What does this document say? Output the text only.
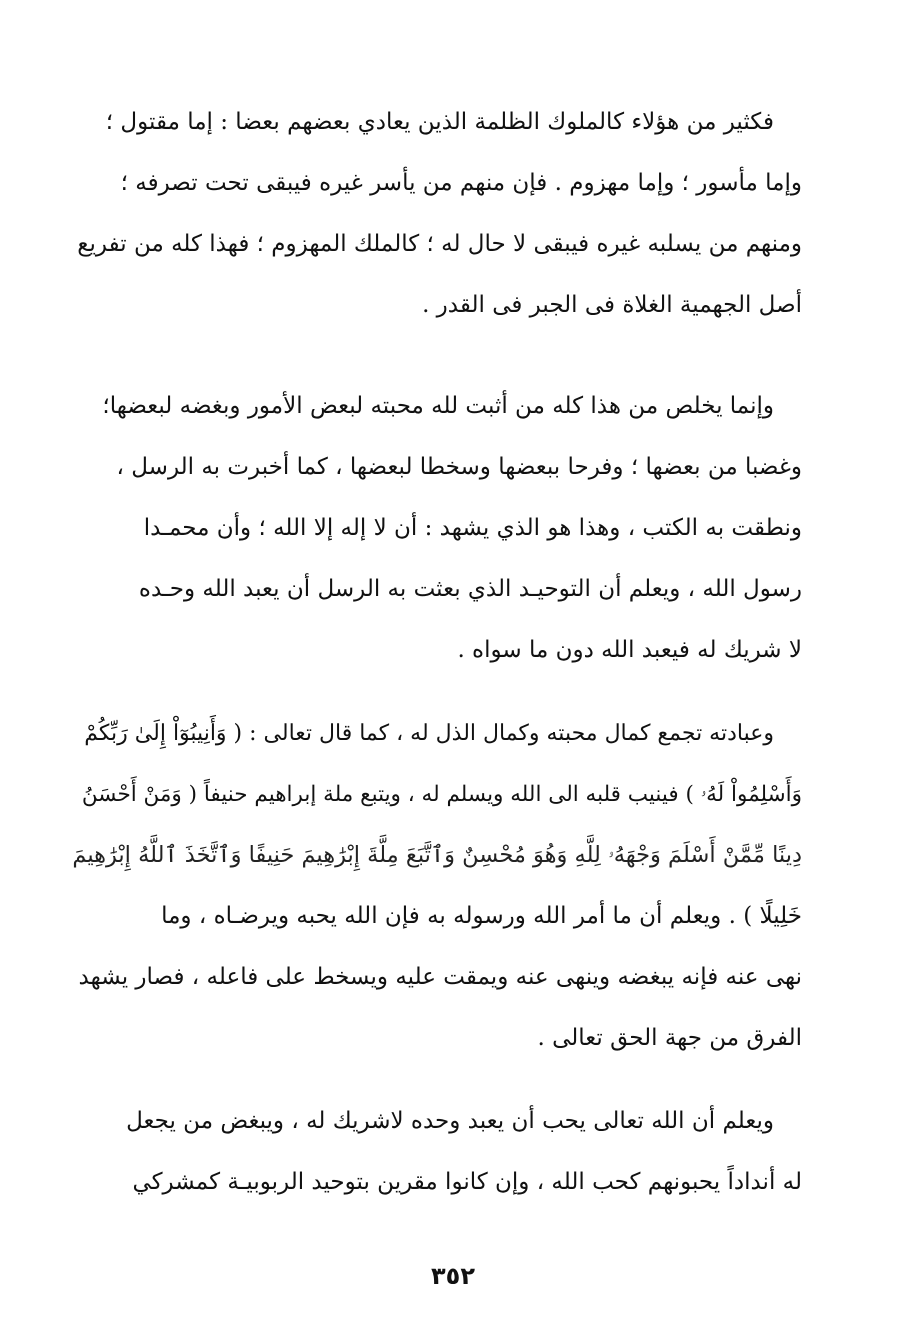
فكثير من هؤلاء كالملوك الظلمة الذين يعادي بعضهم بعضا : إما مقتول ؛
وإما مأسور ؛ وإما مهزوم . فإن منهم من يأسر غيره فيبقى تحت تصرفه ؛
ومنهم من يسلبه غيره فيبقى لا حال له ؛ كالملك المهزوم ؛ فهذا كله من تفريع
أصل الجهمية الغلاة فى الجبر فى القدر .
وإنما يخلص من هذا كله من أثبت لله محبته لبعض الأمور وبغضه لبعضها؛
وغضبا من بعضها ؛ وفرحا ببعضها وسخطا لبعضها ، كما أخبرت به الرسل ،
ونطقت به الكتب ، وهذا هو الذي يشهد : أن لا إله إلا الله ؛ وأن محمـدا
رسول الله ، ويعلم أن التوحيـد الذي بعثت به الرسل أن يعبد الله وحـده
لا شريك له فيعبد الله دون ما سواه .
وعبادته تجمع كمال محبته وكمال الذل له ، كما قال تعالى : ( وَأَنِيبُوٓاْ إِلَىٰ رَبِّكُمْ
وَأَسْلِمُواْ لَهُۥ ) فينيب قلبه الى الله ويسلم له ، ويتبع ملة إبراهيم حنيفاً ( وَمَنْ أَحْسَنُ
دِينًا مِّمَّنْ أَسْلَمَ وَجْهَهُۥ لِلَّهِ وَهُوَ مُحْسِنٌ وَٱتَّبَعَ مِلَّةَ إِبْرَٰهِيمَ حَنِيفًا وَٱتَّخَذَ ٱللَّهُ إِبْرَٰهِيمَ
خَلِيلًا ) . ويعلم أن ما أمر الله ورسوله به فإن الله يحبه ويرضـاه ، وما
نهى عنه فإنه يبغضه وينهى عنه ويمقت عليه ويسخط على فاعله ، فصار يشهد
الفرق من جهة الحق تعالى .
ويعلم أن الله تعالى يحب أن يعبد وحده لاشريك له ، ويبغض من يجعل
له أنداداً يحبونهم كحب الله ، وإن كانوا مقرين بتوحيد الربوبيـة كمشركي
٣٥٢
